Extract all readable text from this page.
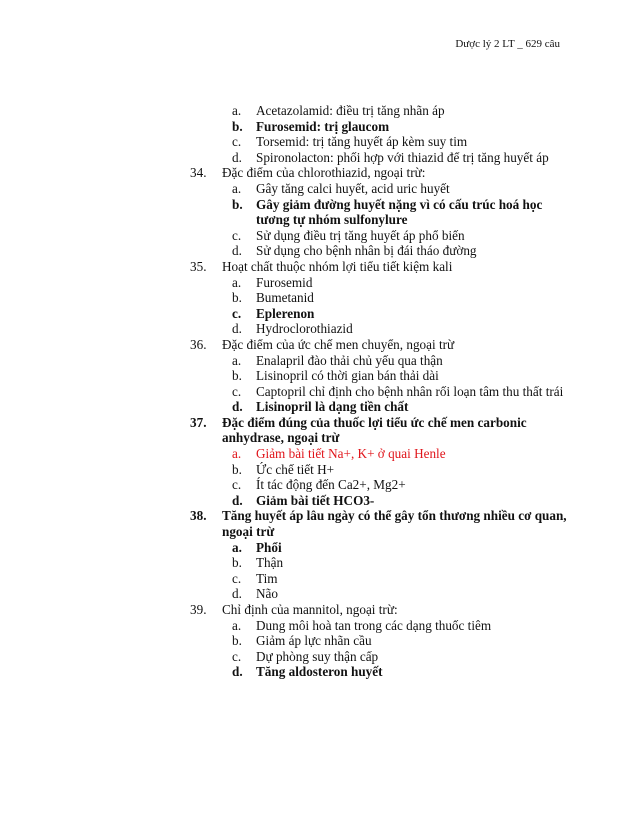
Dược lý 2 LT _ 629 câu
a.	Acetazolamid: điều trị tăng nhãn áp
b.	Furosemid: trị glaucom
c.	Torsemid: trị tăng huyết áp kèm suy tim
d.	Spironolacton: phối hợp với thiazid để trị tăng huyết áp
34.	Đặc điểm của chlorothiazid, ngoại trừ:
a.	Gây tăng calci huyết, acid uric huyết
b.	Gây giảm đường huyết nặng vì có cấu trúc hoá học tương tự nhóm sulfonylure
c.	Sử dụng điều trị tăng huyết áp phổ biến
d.	Sử dụng cho bệnh nhân bị đái tháo đường
35.	Hoạt chất thuộc nhóm lợi tiểu tiết kiệm kali
a.	Furosemid
b.	Bumetanid
c.	Eplerenon
d.	Hydroclorothiazid
36.	Đặc điểm của ức chế men chuyển, ngoại trừ
a.	Enalapril đào thải chủ yếu qua thận
b.	Lisinopril có thời gian bán thải dài
c.	Captopril chỉ định cho bệnh nhân rối loạn tâm thu thất trái
d.	Lisinopril là dạng tiền chất
37.	Đặc điểm đúng của thuốc lợi tiểu ức chế men carbonic anhydrase, ngoại trừ
a.	Giảm bài tiết Na+, K+ ở quai Henle
b.	Ức chế tiết H+
c.	Ít tác động đến Ca2+, Mg2+
d.	Giảm bài tiết HCO3-
38.	Tăng huyết áp lâu ngày có thể gây tổn thương nhiều cơ quan, ngoại trừ
a.	Phổi
b.	Thận
c.	Tim
d.	Não
39.	Chỉ định của mannitol, ngoại trừ:
a.	Dung môi hoà tan trong các dạng thuốc tiêm
b.	Giảm áp lực nhãn cầu
c.	Dự phòng suy thận cấp
d.	Tăng aldosteron huyết
